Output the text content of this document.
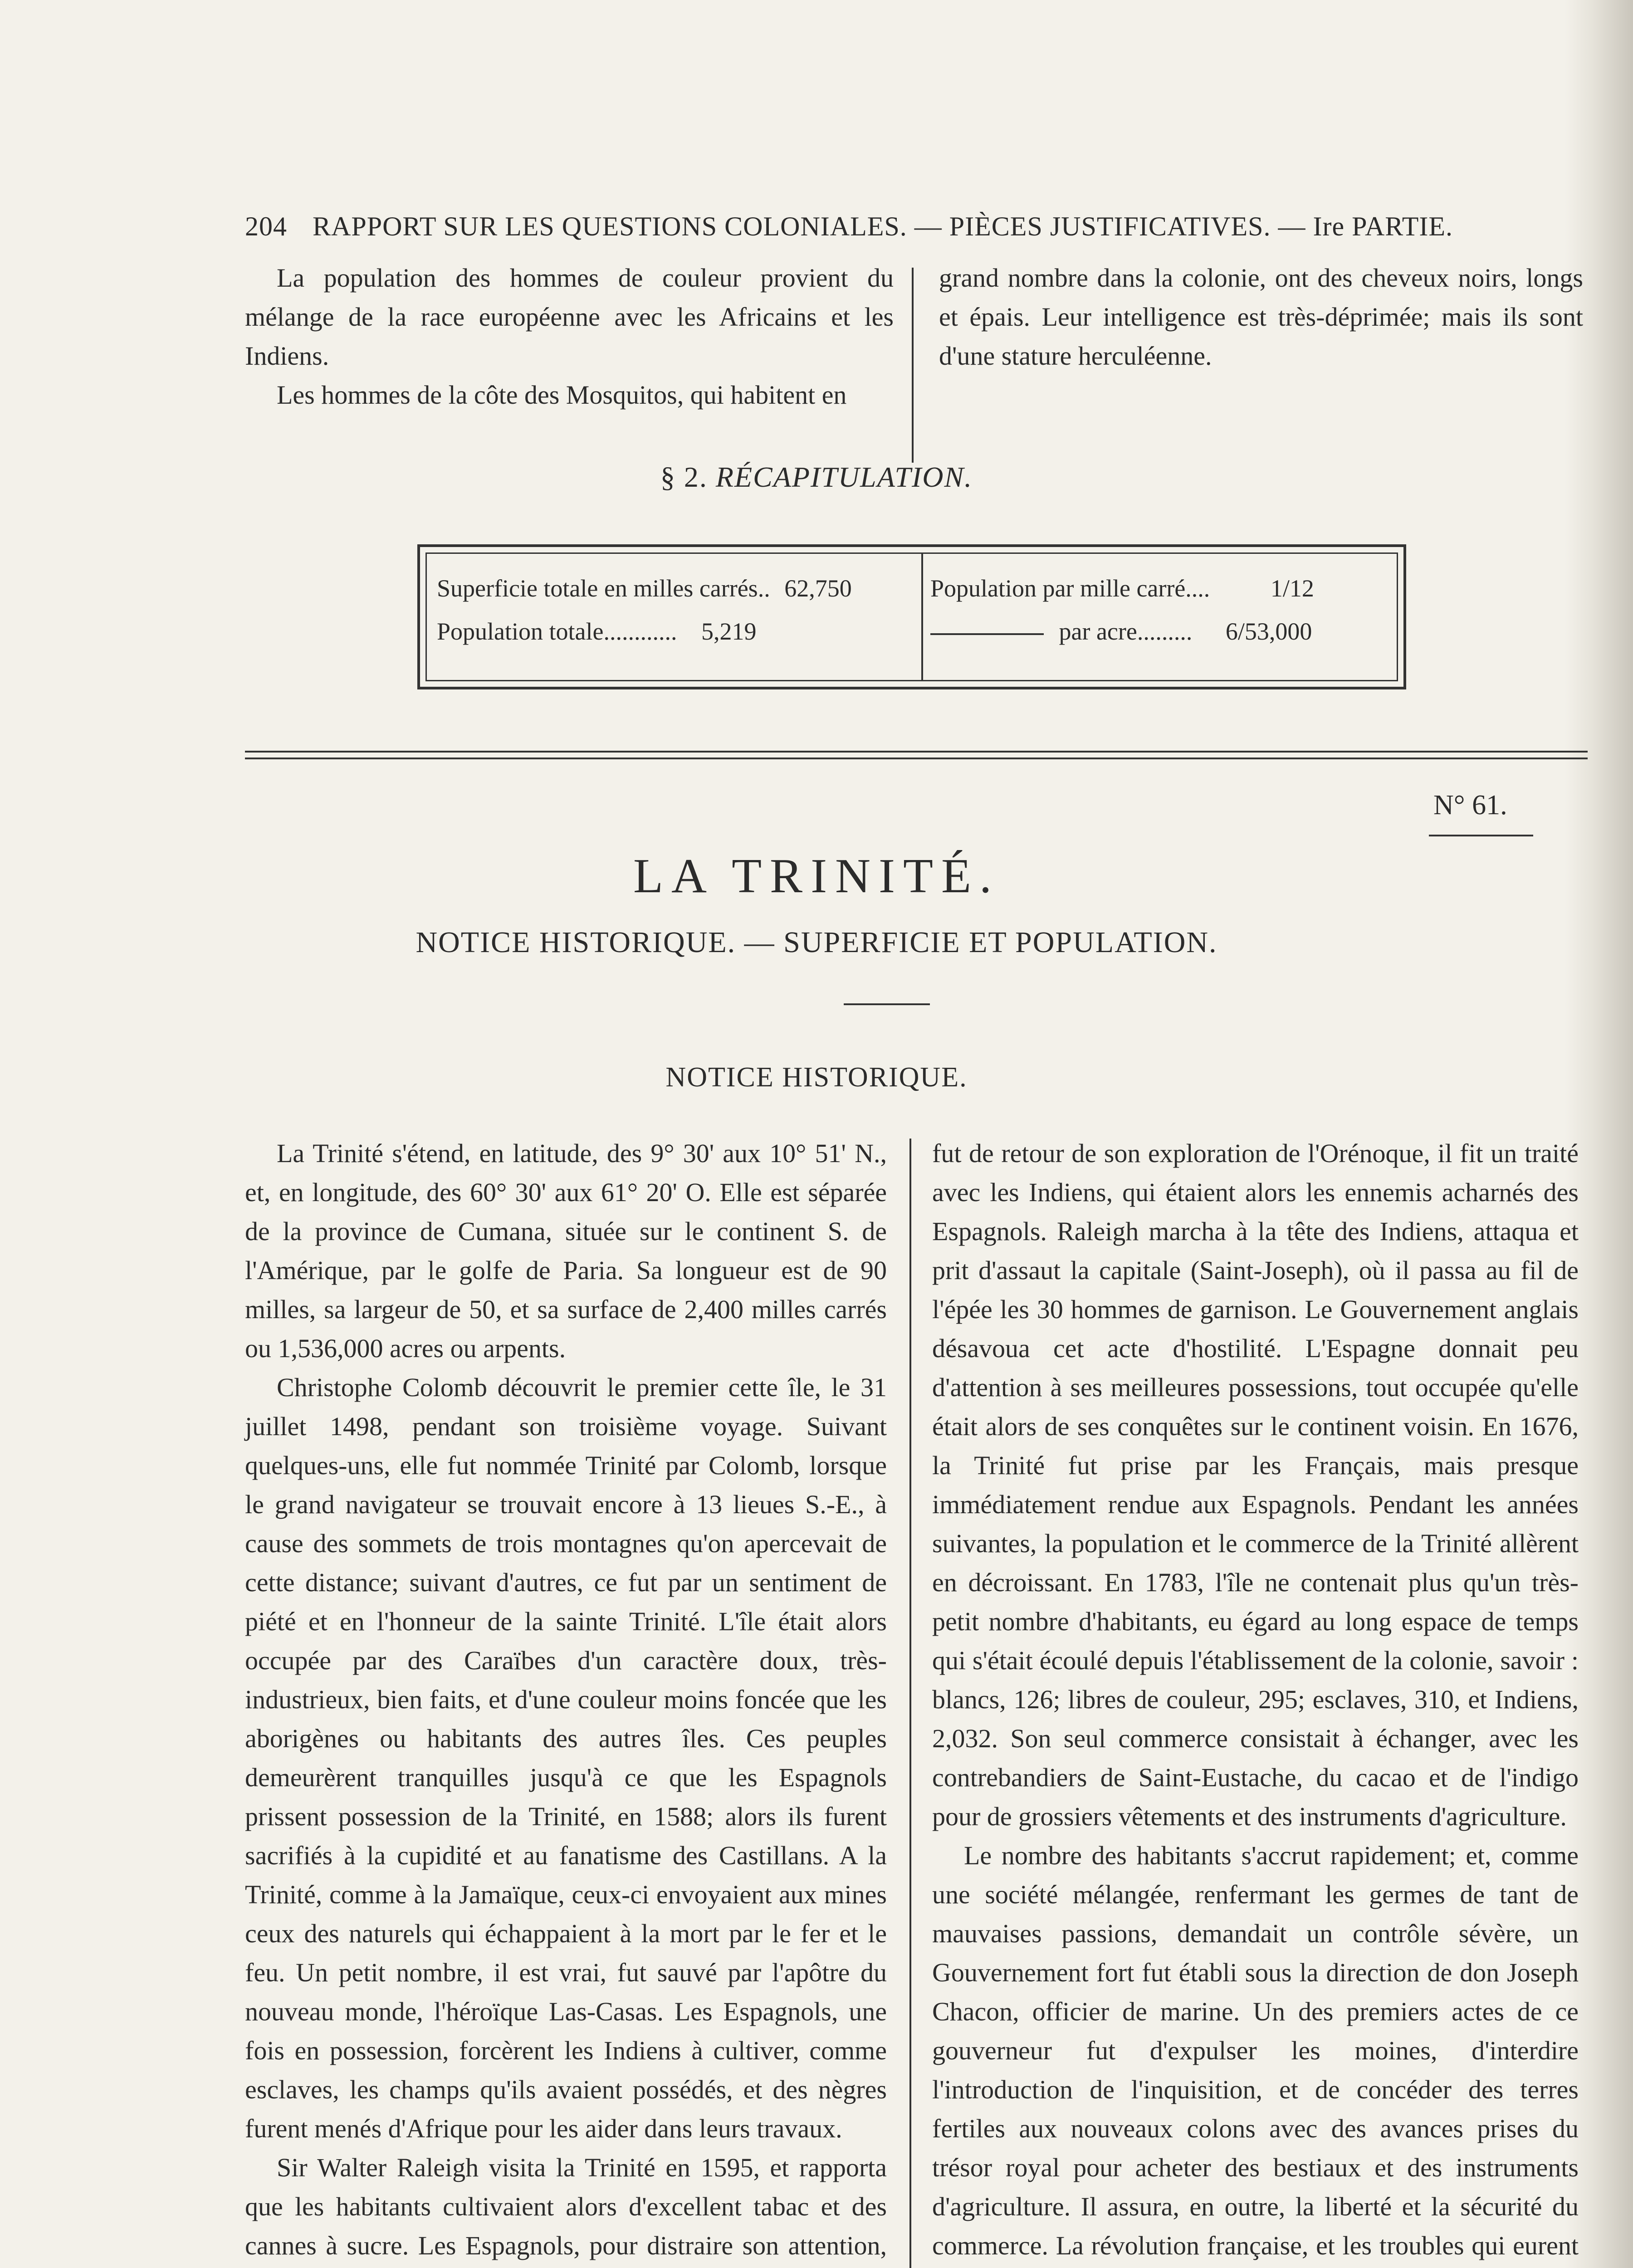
204 RAPPORT SUR LES QUESTIONS COLONIALES. — PIÈCES JUSTIFICATIVES. — Ire PARTIE.

La population des hommes de couleur provient du mélange de la race européenne avec les Africains et les Indiens.

Les hommes de la côte des Mosquitos, qui habitent en

grand nombre dans la colonie, ont des cheveux noirs, longs et épais. Leur intelligence est très-déprimée; mais ils sont d'une stature herculéenne.

§ 2. RÉCAPITULATION.
Superficie totale en milles carrés.. 62,750
Population totale............ 5,219
Population par mille carré.... 1/12
par acre......... 6/53,000
N° 61.
LA TRINITÉ.
NOTICE HISTORIQUE. — SUPERFICIE ET POPULATION.
NOTICE HISTORIQUE.

La Trinité s'étend, en latitude, des 9° 30' aux 10° 51' N., et, en longitude, des 60° 30' aux 61° 20' O. Elle est séparée de la province de Cumana, située sur le continent S. de l'Amérique, par le golfe de Paria. Sa longueur est de 90 milles, sa largeur de 50, et sa surface de 2,400 milles carrés ou 1,536,000 acres ou arpents.

Christophe Colomb découvrit le premier cette île, le 31 juillet 1498, pendant son troisième voyage. Suivant quelques-uns, elle fut nommée Trinité par Colomb, lorsque le grand navigateur se trouvait encore à 13 lieues S.-E., à cause des sommets de trois montagnes qu'on apercevait de cette distance; suivant d'autres, ce fut par un sentiment de piété et en l'honneur de la sainte Trinité. L'île était alors occupée par des Caraïbes d'un caractère doux, très-industrieux, bien faits, et d'une couleur moins foncée que les aborigènes ou habitants des autres îles. Ces peuples demeurèrent tranquilles jusqu'à ce que les Espagnols prissent possession de la Trinité, en 1588; alors ils furent sacrifiés à la cupidité et au fanatisme des Castillans. A la Trinité, comme à la Jamaïque, ceux-ci envoyaient aux mines ceux des naturels qui échappaient à la mort par le fer et le feu. Un petit nombre, il est vrai, fut sauvé par l'apôtre du nouveau monde, l'héroïque Las-Casas. Les Espagnols, une fois en possession, forcèrent les Indiens à cultiver, comme esclaves, les champs qu'ils avaient possédés, et des nègres furent menés d'Afrique pour les aider dans leurs travaux.

Sir Walter Raleigh visita la Trinité en 1595, et rapporta que les habitants cultivaient alors d'excellent tabac et des cannes à sucre. Les Espagnols, pour distraire son attention,

fut de retour de son exploration de l'Orénoque, il fit un traité avec les Indiens, qui étaient alors les ennemis acharnés des Espagnols. Raleigh marcha à la tête des Indiens, attaqua et prit d'assaut la capitale (Saint-Joseph), où il passa au fil de l'épée les 30 hommes de garnison. Le Gouvernement anglais désavoua cet acte d'hostilité. L'Espagne donnait peu d'attention à ses meilleures possessions, tout occupée qu'elle était alors de ses conquêtes sur le continent voisin. En 1676, la Trinité fut prise par les Français, mais presque immédiatement rendue aux Espagnols. Pendant les années suivantes, la population et le commerce de la Trinité allèrent en décroissant. En 1783, l'île ne contenait plus qu'un très-petit nombre d'habitants, eu égard au long espace de temps qui s'était écoulé depuis l'établissement de la colonie, savoir : blancs, 126; libres de couleur, 295; esclaves, 310, et Indiens, 2,032. Son seul commerce consistait à échanger, avec les contrebandiers de Saint-Eustache, du cacao et de l'indigo pour de grossiers vêtements et des instruments d'agriculture.

Le nombre des habitants s'accrut rapidement; et, comme une société mélangée, renfermant les germes de tant de mauvaises passions, demandait un contrôle sévère, un Gouvernement fort fut établi sous la direction de don Joseph Chacon, officier de marine. Un des premiers actes de ce gouverneur fut d'expulser les moines, d'interdire l'introduction de l'inquisition, et de concéder des terres fertiles aux nouveaux colons avec des avances prises du trésor royal pour acheter des bestiaux et des instruments d'agriculture. Il assura, en outre, la liberté et la sécurité du commerce. La révolution française, et les troubles qui eurent
